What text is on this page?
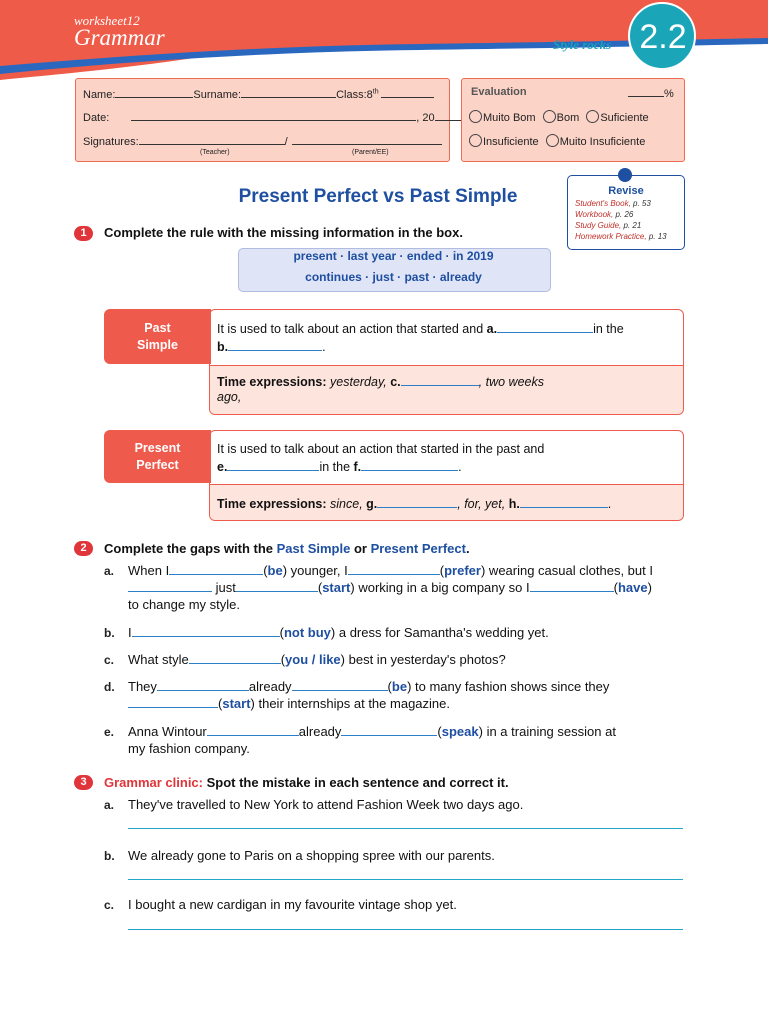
worksheet12
Grammar	Style rocks 2.2
Name:	Surname:	Class:8th
Date:	, 20
Signatures:	/
(Teacher)	(Parent/EE)
Evaluation	%
Muito Bom Bom Suficiente
Insuficiente Muito Insuficiente
Present Perfect vs Past Simple	Revise
Student's Book, p. 53
Workbook, p. 26
Study Guide, p. 21
Homework Practice, p. 13
1	Complete the rule with the missing information in the box.
present · last year · ended · in 2019
continues · just · past · already
Past
Simple
It is used to talk about an action that started and a.	in the
b.	.
Time expressions: yesterday, c.	, two weeks
ago,
Present
Perfect
It is used to talk about an action that started in the past and
e.	in the f.	.
Time expressions: since, g.	, for, yet, h.	.
2	Complete the gaps with the Past Simple or Present Perfect.
a. When I	(be) younger, I	(prefer) wearing casual clothes, but I
just	(start) working in a big company so I	(have)
to change my style.
b. I	(not buy) a dress for Samantha's wedding yet.
c. What style	(you / like) best in yesterday's photos?
d. They	already	(be) to many fashion shows since they
(start) their internships at the magazine.
e. Anna Wintour	already	(speak) in a training session at
my fashion company.
3	Grammar clinic: Spot the mistake in each sentence and correct it.
a. They've travelled to New York to attend Fashion Week two days ago.
b. We already gone to Paris on a shopping spree with our parents.
c. I bought a new cardigan in my favourite vintage shop yet.
